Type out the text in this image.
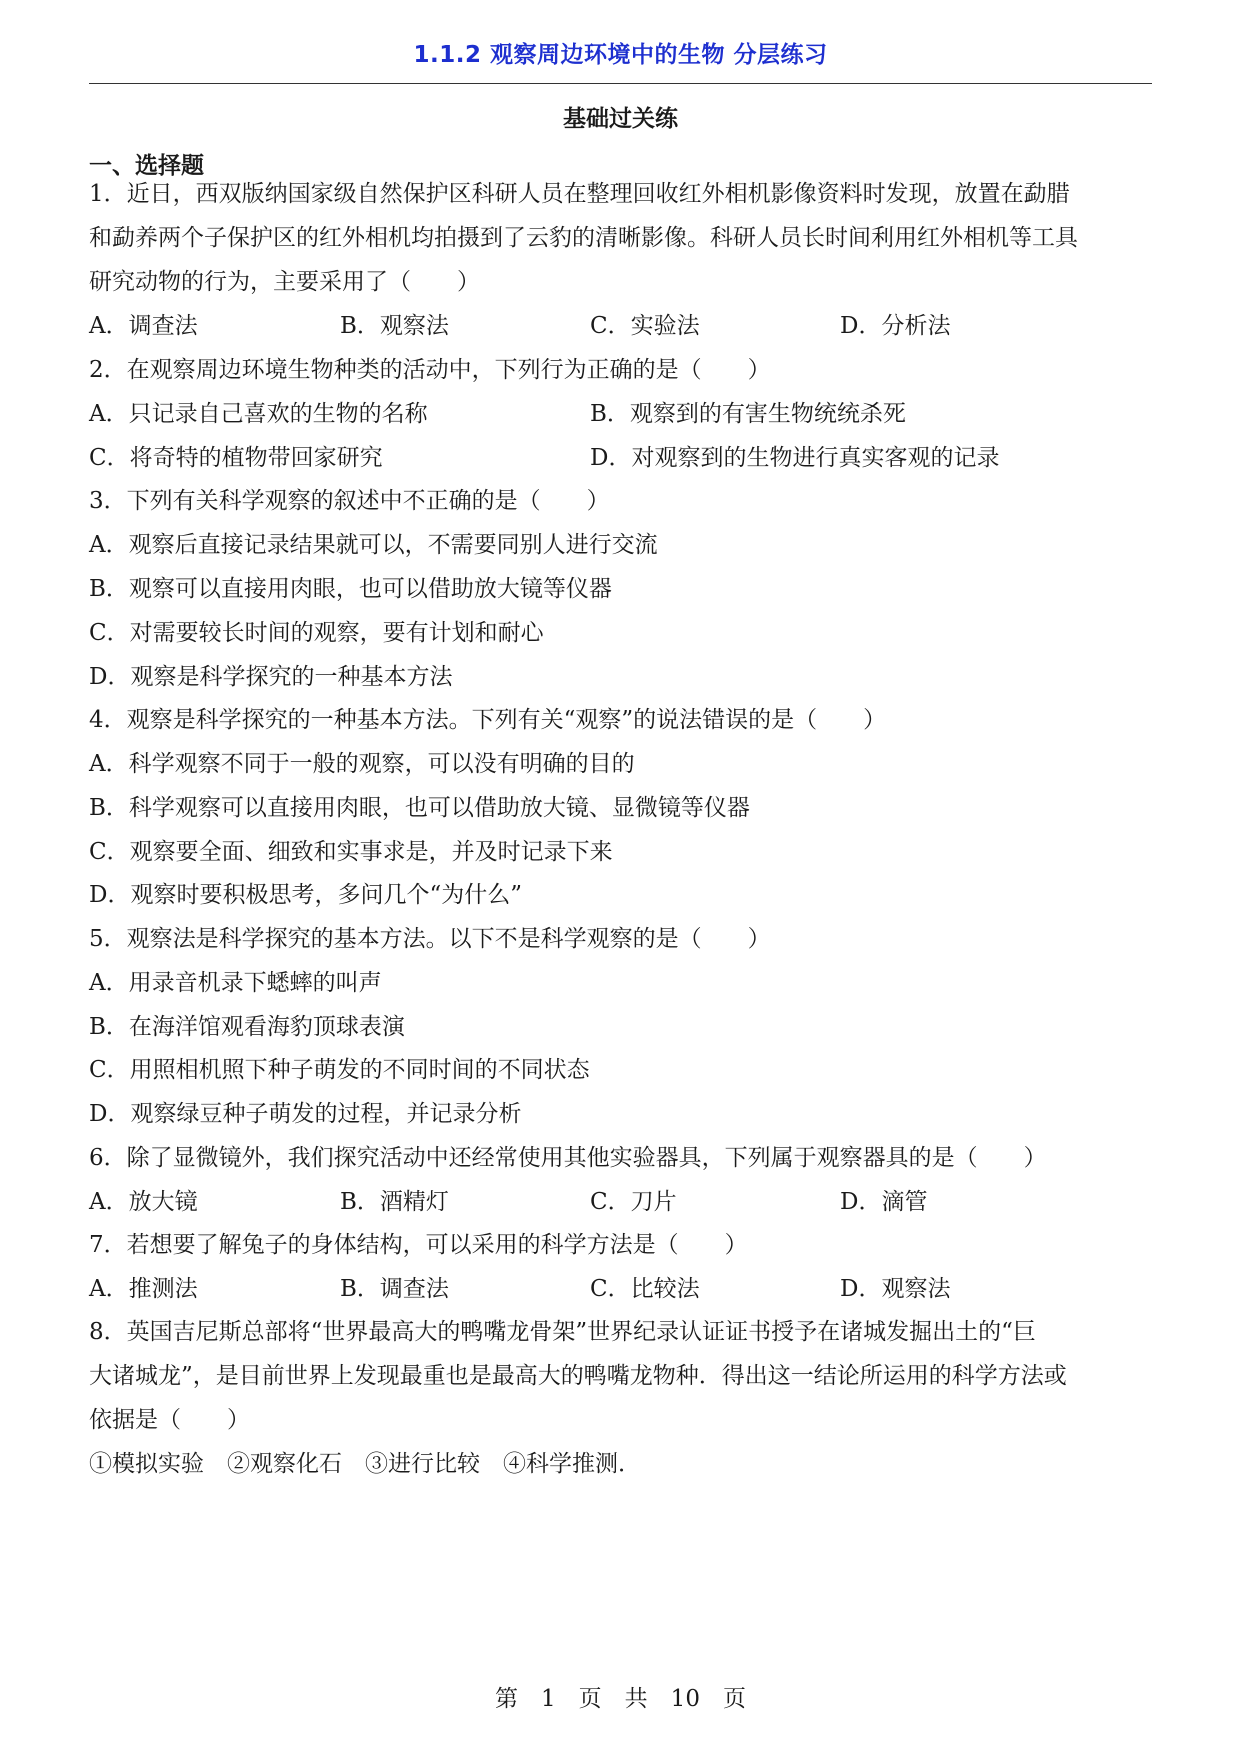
1.1.2 观察周边环境中的生物 分层练习
基础过关练
一、选择题
1．近日，西双版纳国家级自然保护区科研人员在整理回收红外相机影像资料时发现，放置在勐腊
和勐养两个子保护区的红外相机均拍摄到了云豹的清晰影像。科研人员长时间利用红外相机等工具
研究动物的行为，主要采用了（　　）
A．调查法	B．观察法	C．实验法	D．分析法
2．在观察周边环境生物种类的活动中，下列行为正确的是（　　）
A．只记录自己喜欢的生物的名称	B．观察到的有害生物统统杀死
C．将奇特的植物带回家研究	D．对观察到的生物进行真实客观的记录
3．下列有关科学观察的叙述中不正确的是（　　）
A．观察后直接记录结果就可以，不需要同别人进行交流
B．观察可以直接用肉眼，也可以借助放大镜等仪器
C．对需要较长时间的观察，要有计划和耐心
D．观察是科学探究的一种基本方法
4．观察是科学探究的一种基本方法。下列有关“观察”的说法错误的是（　　）
A．科学观察不同于一般的观察，可以没有明确的目的
B．科学观察可以直接用肉眼，也可以借助放大镜、显微镜等仪器
C．观察要全面、细致和实事求是，并及时记录下来
D．观察时要积极思考，多问几个“为什么”
5．观察法是科学探究的基本方法。以下不是科学观察的是（　　）
A．用录音机录下蟋蟀的叫声
B．在海洋馆观看海豹顶球表演
C．用照相机照下种子萌发的不同时间的不同状态
D．观察绿豆种子萌发的过程，并记录分析
6．除了显微镜外，我们探究活动中还经常使用其他实验器具，下列属于观察器具的是（　　）
A．放大镜	B．酒精灯	C．刀片	D．滴管
7．若想要了解兔子的身体结构，可以采用的科学方法是（　　）
A．推测法	B．调查法	C．比较法	D．观察法
8．英国吉尼斯总部将“世界最高大的鸭嘴龙骨架”世界纪录认证证书授予在诸城发掘出土的“巨
大诸城龙”，是目前世界上发现最重也是最高大的鸭嘴龙物种．得出这一结论所运用的科学方法或
依据是（　　）
①模拟实验　②观察化石　③进行比较　④科学推测．
第　1　页　共　10　页
